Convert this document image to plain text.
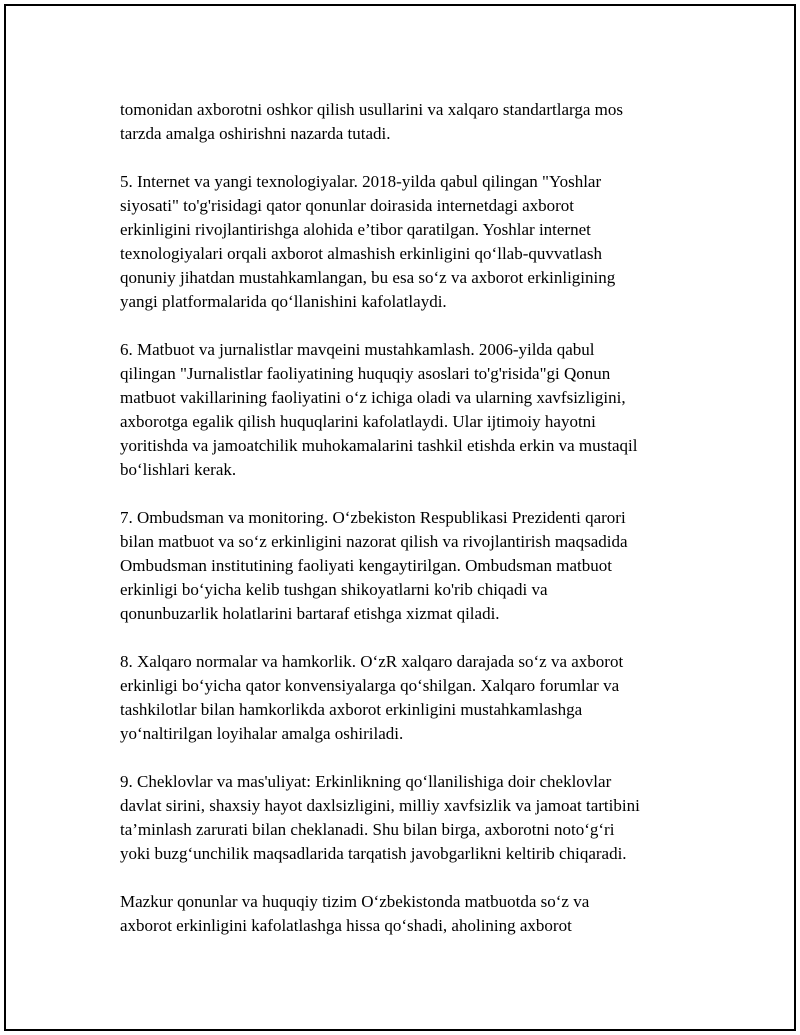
tomonidan axborotni oshkor qilish usullarini va xalqaro standartlarga mos
tarzda amalga oshirishni nazarda tutadi.

5. Internet va yangi texnologiyalar. 2018-yilda qabul qilingan "Yoshlar
siyosati" to'g'risidagi qator qonunlar doirasida internetdagi axborot
erkinligini rivojlantirishga alohida e’tibor qaratilgan. Yoshlar internet
texnologiyalari orqali axborot almashish erkinligini qo‘llab-quvvatlash
qonuniy jihatdan mustahkamlangan, bu esa so‘z va axborot erkinligining
yangi platformalarida qo‘llanishini kafolatlaydi.

6. Matbuot va jurnalistlar mavqeini mustahkamlash. 2006-yilda qabul
qilingan "Jurnalistlar faoliyatining huquqiy asoslari to'g'risida"gi Qonun
matbuot vakillarining faoliyatini o‘z ichiga oladi va ularning xavfsizligini,
axborotga egalik qilish huquqlarini kafolatlaydi. Ular ijtimoiy hayotni
yoritishda va jamoatchilik muhokamalarini tashkil etishda erkin va mustaqil
bo‘lishlari kerak.

7. Ombudsman va monitoring. O‘zbekiston Respublikasi Prezidenti qarori
bilan matbuot va so‘z erkinligini nazorat qilish va rivojlantirish maqsadida
Ombudsman institutining faoliyati kengaytirilgan. Ombudsman matbuot
erkinligi bo‘yicha kelib tushgan shikoyatlarni ko'rib chiqadi va
qonunbuzarlik holatlarini bartaraf etishga xizmat qiladi.

8. Xalqaro normalar va hamkorlik. O‘zR xalqaro darajada so‘z va axborot
erkinligi bo‘yicha qator konvensiyalarga qo‘shilgan. Xalqaro forumlar va
tashkilotlar bilan hamkorlikda axborot erkinligini mustahkamlashga
yo‘naltirilgan loyihalar amalga oshiriladi.

9. Cheklovlar va mas'uliyat: Erkinlikning qo‘llanilishiga doir cheklovlar
davlat sirini, shaxsiy hayot daxlsizligini, milliy xavfsizlik va jamoat tartibini
ta’minlash zarurati bilan cheklanadi. Shu bilan birga, axborotni noto‘g‘ri
yoki buzg‘unchilik maqsadlarida tarqatish javobgarlikni keltirib chiqaradi.

Mazkur qonunlar va huquqiy tizim O‘zbekistonda matbuotda so‘z va
axborot erkinligini kafolatlashga hissa qo‘shadi, aholining axborot
